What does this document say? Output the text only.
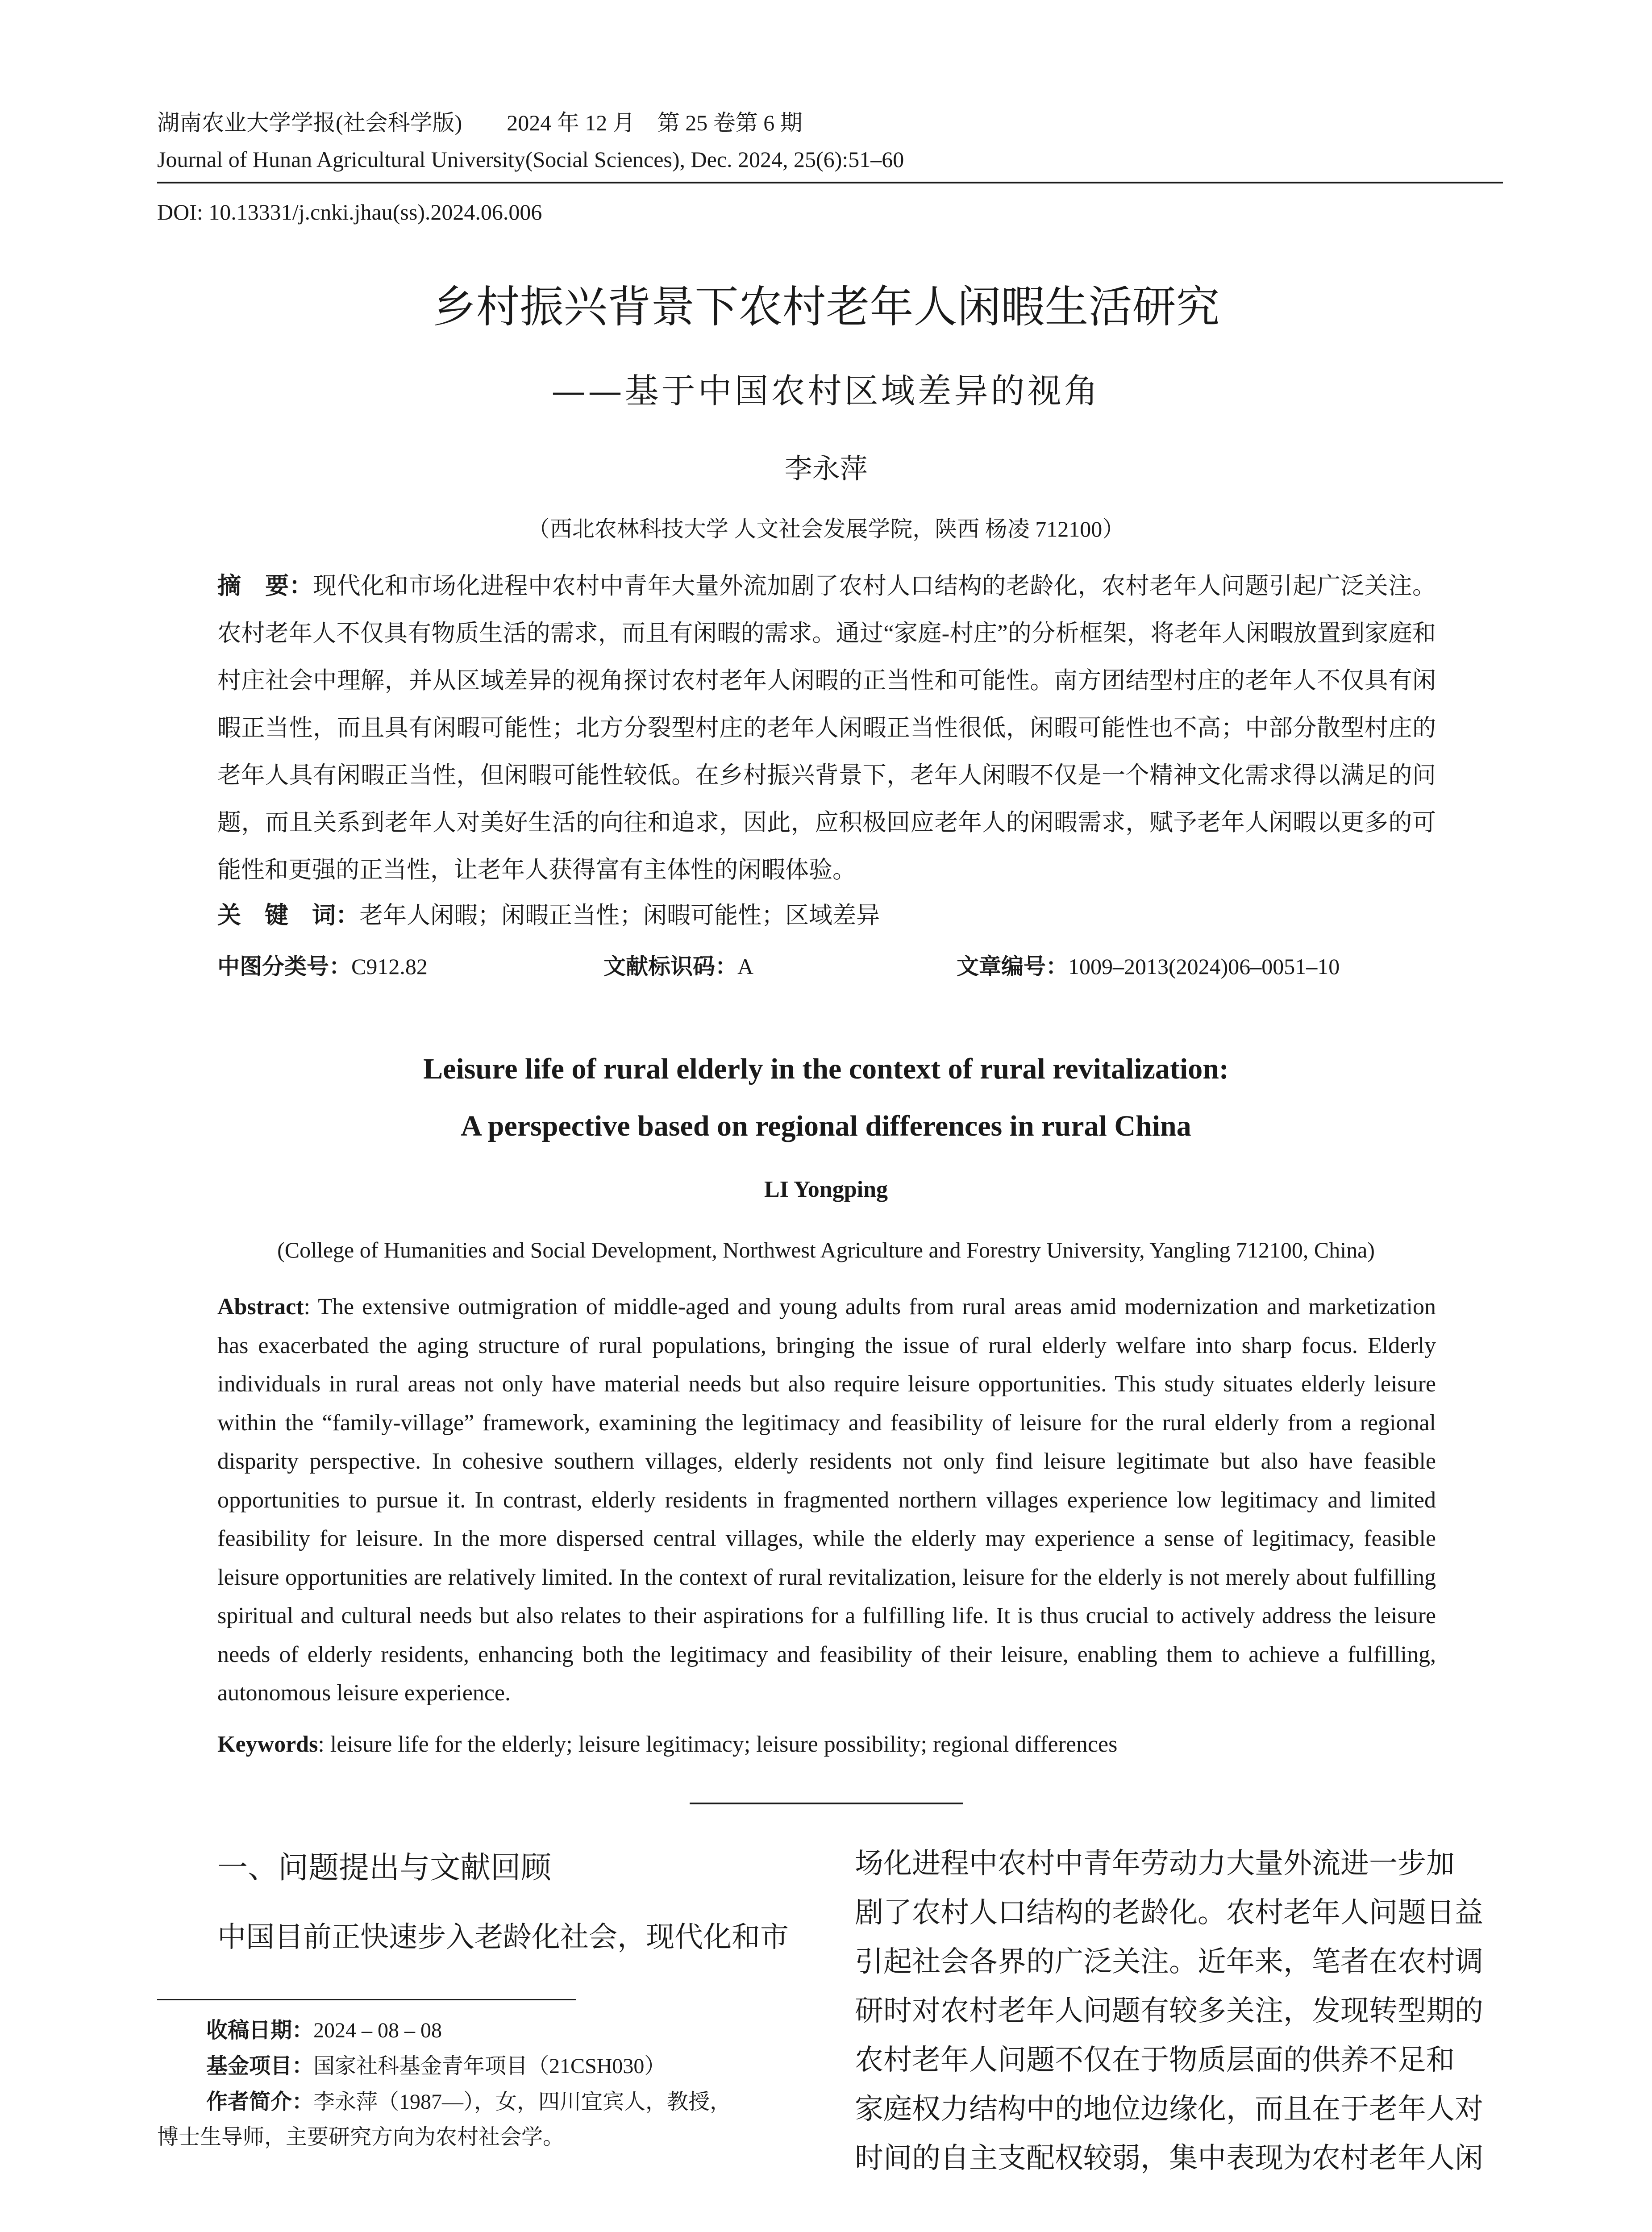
湖南农业大学学报(社会科学版)　　2024 年 12 月　第 25 卷第 6 期
Journal of Hunan Agricultural University(Social Sciences), Dec. 2024, 25(6):51–60
DOI: 10.13331/j.cnki.jhau(ss).2024.06.006
乡村振兴背景下农村老年人闲暇生活研究
——基于中国农村区域差异的视角
李永萍
（西北农林科技大学 人文社会发展学院，陕西 杨凌 712100）
摘　要：现代化和市场化进程中农村中青年大量外流加剧了农村人口结构的老龄化，农村老年人问题引起广泛关注。农村老年人不仅具有物质生活的需求，而且有闲暇的需求。通过“家庭-村庄”的分析框架，将老年人闲暇放置到家庭和村庄社会中理解，并从区域差异的视角探讨农村老年人闲暇的正当性和可能性。南方团结型村庄的老年人不仅具有闲暇正当性，而且具有闲暇可能性；北方分裂型村庄的老年人闲暇正当性很低，闲暇可能性也不高；中部分散型村庄的老年人具有闲暇正当性，但闲暇可能性较低。在乡村振兴背景下，老年人闲暇不仅是一个精神文化需求得以满足的问题，而且关系到老年人对美好生活的向往和追求，因此，应积极回应老年人的闲暇需求，赋予老年人闲暇以更多的可能性和更强的正当性，让老年人获得富有主体性的闲暇体验。
关　键　词：老年人闲暇；闲暇正当性；闲暇可能性；区域差异
中图分类号：C912.82	文献标识码：A	文章编号：1009–2013(2024)06–0051–10
Leisure life of rural elderly in the context of rural revitalization:
A perspective based on regional differences in rural China
LI Yongping
(College of Humanities and Social Development, Northwest Agriculture and Forestry University, Yangling 712100, China)
Abstract: The extensive outmigration of middle-aged and young adults from rural areas amid modernization and marketization has exacerbated the aging structure of rural populations, bringing the issue of rural elderly welfare into sharp focus. Elderly individuals in rural areas not only have material needs but also require leisure opportunities. This study situates elderly leisure within the “family-village” framework, examining the legitimacy and feasibility of leisure for the rural elderly from a regional disparity perspective. In cohesive southern villages, elderly residents not only find leisure legitimate but also have feasible opportunities to pursue it. In contrast, elderly residents in fragmented northern villages experience low legitimacy and limited feasibility for leisure. In the more dispersed central villages, while the elderly may experience a sense of legitimacy, feasible leisure opportunities are relatively limited. In the context of rural revitalization, leisure for the elderly is not merely about fulfilling spiritual and cultural needs but also relates to their aspirations for a fulfilling life. It is thus crucial to actively address the leisure needs of elderly residents, enhancing both the legitimacy and feasibility of their leisure, enabling them to achieve a fulfilling, autonomous leisure experience.
Keywords: leisure life for the elderly; leisure legitimacy; leisure possibility; regional differences
一、问题提出与文献回顾
中国目前正快速步入老龄化社会，现代化和市
场化进程中农村中青年劳动力大量外流进一步加
剧了农村人口结构的老龄化。农村老年人问题日益
引起社会各界的广泛关注。近年来，笔者在农村调
研时对农村老年人问题有较多关注，发现转型期的
农村老年人问题不仅在于物质层面的供养不足和
家庭权力结构中的地位边缘化，而且在于老年人对
时间的自主支配权较弱，集中表现为农村老年人闲
收稿日期：2024 – 08 – 08
基金项目：国家社科基金青年项目（21CSH030）
作者简介：李永萍（1987—），女，四川宜宾人，教授，
博士生导师，主要研究方向为农村社会学。
